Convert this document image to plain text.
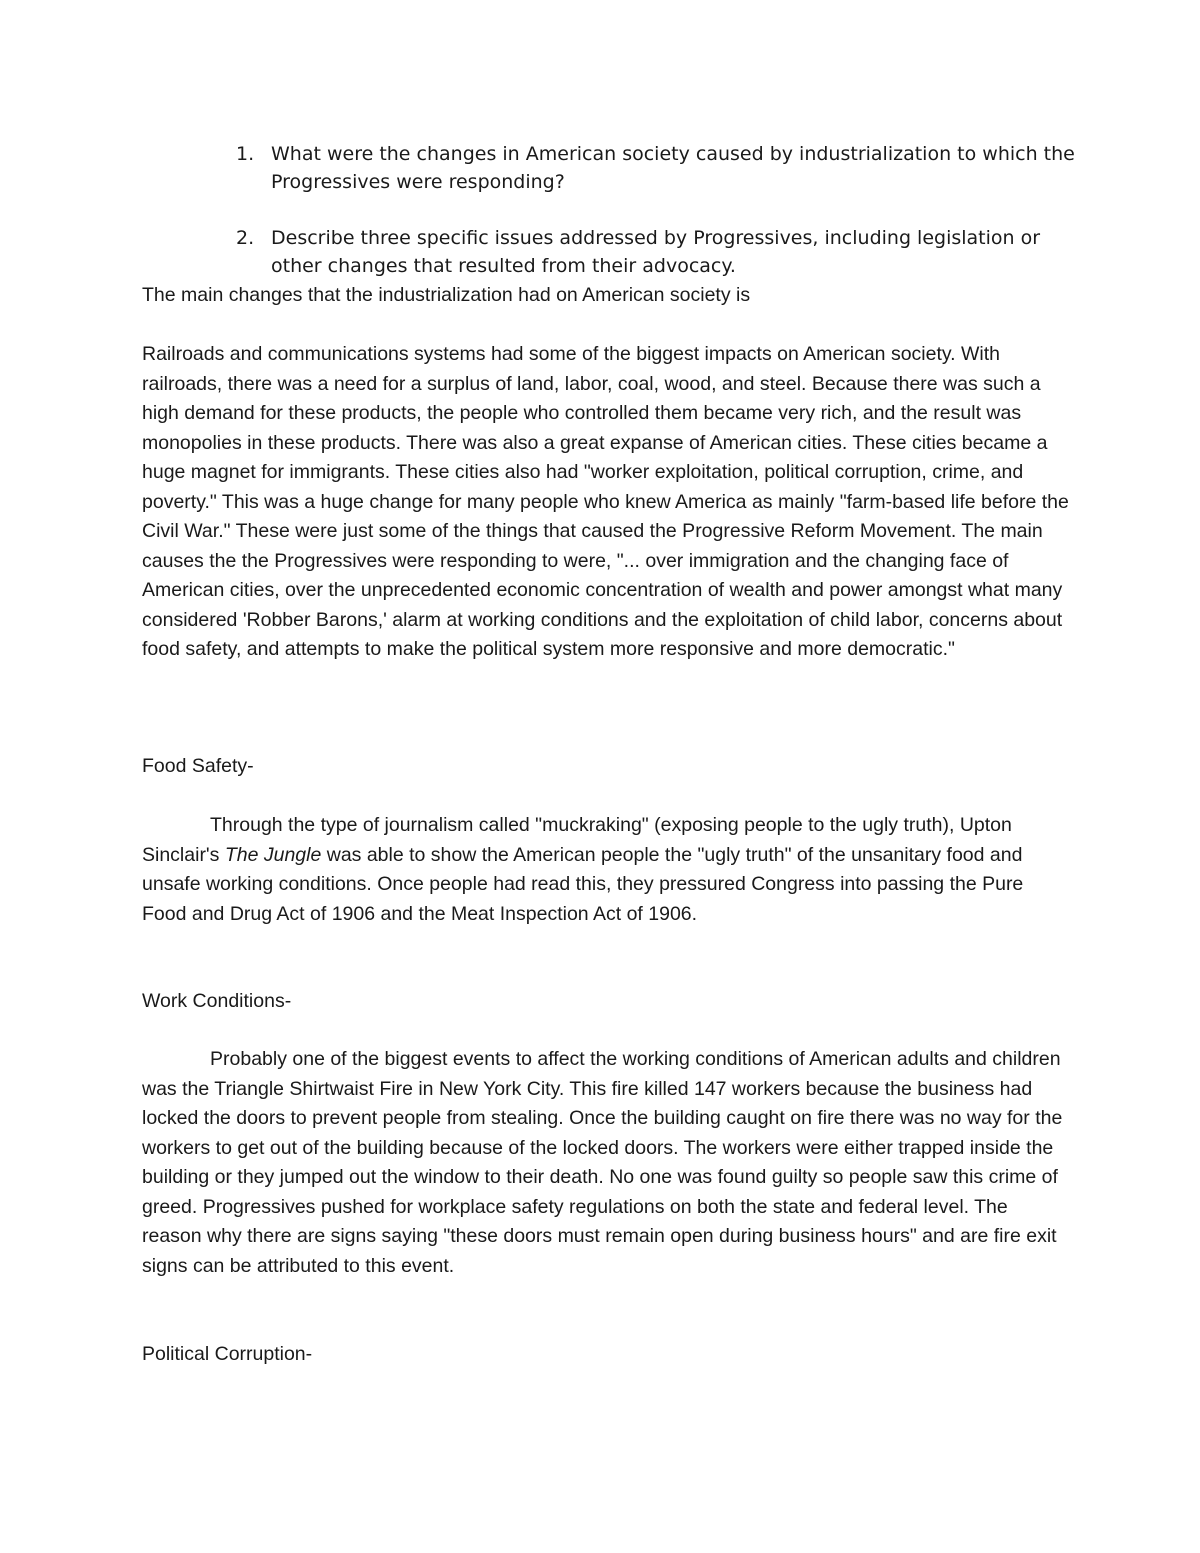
1. What were the changes in American society caused by industrialization to which the Progressives were responding?
2. Describe three specific issues addressed by Progressives, including legislation or other changes that resulted from their advocacy.

The main changes that the industrialization had on American society is

Railroads and communications systems had some of the biggest impacts on American society. With railroads, there was a need for a surplus of land, labor, coal, wood, and steel. Because there was such a high demand for these products, the people who controlled them became very rich, and the result was monopolies in these products. There was also a great expanse of American cities. These cities became a huge magnet for immigrants. These cities also had "worker exploitation, political corruption, crime, and poverty." This was a huge change for many people who knew America as mainly "farm-based life before the Civil War." These were just some of the things that caused the Progressive Reform Movement. The main causes the the Progressives were responding to were, "... over immigration and the changing face of American cities, over the unprecedented economic concentration of wealth and power amongst what many considered 'Robber Barons,' alarm at working conditions and the exploitation of child labor, concerns about food safety, and attempts to make the political system more responsive and more democratic."

Food Safety-

Through the type of journalism called "muckraking" (exposing people to the ugly truth), Upton Sinclair's The Jungle was able to show the American people the "ugly truth" of the unsanitary food and unsafe working conditions. Once people had read this, they pressured Congress into passing the Pure Food and Drug Act of 1906 and the Meat Inspection Act of 1906.

Work Conditions-

Probably one of the biggest events to affect the working conditions of American adults and children was the Triangle Shirtwaist Fire in New York City. This fire killed 147 workers because the business had locked the doors to prevent people from stealing. Once the building caught on fire there was no way for the workers to get out of the building because of the locked doors. The workers were either trapped inside the building or they jumped out the window to their death. No one was found guilty so people saw this crime of greed. Progressives pushed for workplace safety regulations on both the state and federal level. The reason why there are signs saying "these doors must remain open during business hours" and are fire exit signs can be attributed to this event.

Political Corruption-
